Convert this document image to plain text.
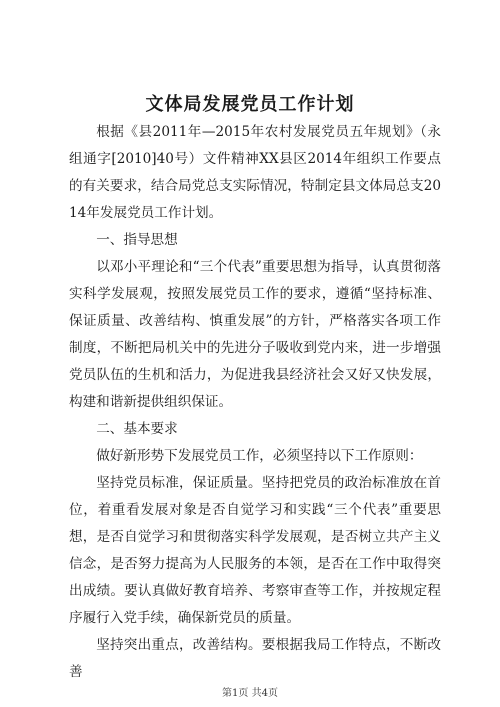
文体局发展党员工作计划

根据《县2011年—2015年农村发展党员五年规划》（永组通字[2010]40号）文件精神XX县区2014年组织工作要点的有关要求，结合局党总支实际情况，特制定县文体局总支2014年发展党员工作计划。

一、指导思想

以邓小平理论和“三个代表”重要思想为指导，认真贯彻落实科学发展观，按照发展党员工作的要求，遵循“坚持标准、保证质量、改善结构、慎重发展”的方针，严格落实各项工作制度，不断把局机关中的先进分子吸收到党内来，进一步增强党员队伍的生机和活力，为促进我县经济社会又好又快发展，构建和谐新提供组织保证。

二、基本要求

做好新形势下发展党员工作，必须坚持以下工作原则：

坚持党员标准，保证质量。坚持把党员的政治标准放在首位，着重看发展对象是否自觉学习和实践“三个代表”重要思想，是否自觉学习和贯彻落实科学发展观，是否树立共产主义信念，是否努力提高为人民服务的本领，是否在工作中取得突出成绩。要认真做好教育培养、考察审查等工作，并按规定程序履行入党手续，确保新党员的质量。

坚持突出重点，改善结构。要根据我局工作特点，不断改善

第1页 共4页
